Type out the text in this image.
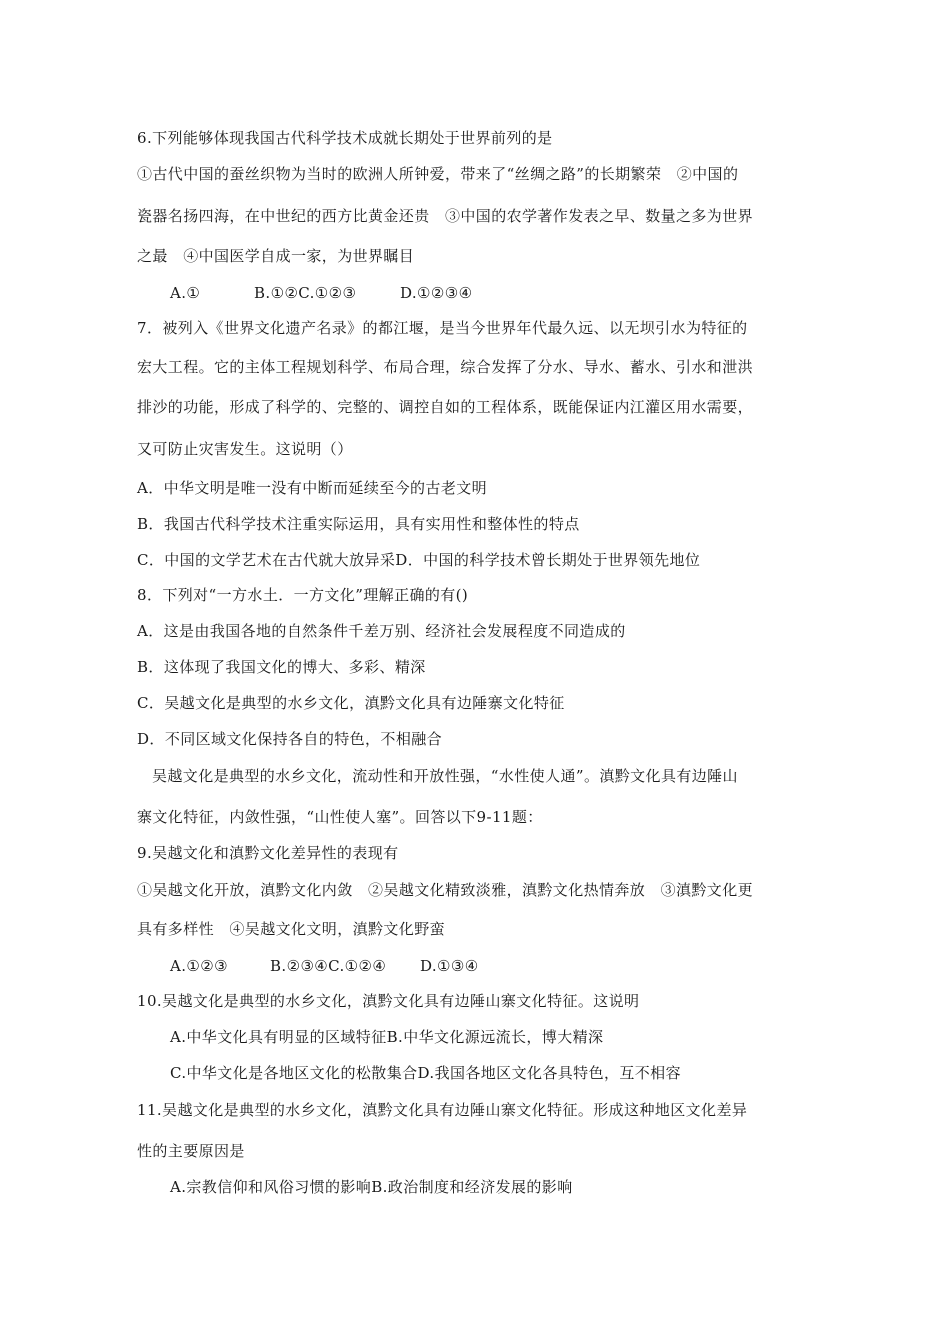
6.下列能够体现我国古代科学技术成就长期处于世界前列的是
①古代中国的蚕丝织物为当时的欧洲人所钟爱，带来了“丝绸之路”的长期繁荣　②中国的
瓷器名扬四海，在中世纪的西方比黄金还贵　③中国的农学著作发表之早、数量之多为世界
之最　④中国医学自成一家，为世界瞩目
A.①	B.①②C.①②③	D.①②③④
7．被列入《世界文化遗产名录》的都江堰，是当今世界年代最久远、以无坝引水为特征的
宏大工程。它的主体工程规划科学、布局合理，综合发挥了分水、导水、蓄水、引水和泄洪
排沙的功能，形成了科学的、完整的、调控自如的工程体系，既能保证内江灌区用水需要，
又可防止灾害发生。这说明（）
A．中华文明是唯一没有中断而延续至今的古老文明
B．我国古代科学技术注重实际运用，具有实用性和整体性的特点
C．中国的文学艺术在古代就大放异采D．中国的科学技术曾长期处于世界领先地位
8．下列对“一方水土．一方文化”理解正确的有()
A．这是由我国各地的自然条件千差万别、经济社会发展程度不同造成的
B．这体现了我国文化的博大、多彩、精深
C．吴越文化是典型的水乡文化，滇黔文化具有边陲寨文化特征
D．不同区域文化保持各自的特色，不相融合
吴越文化是典型的水乡文化，流动性和开放性强，“水性使人通”。滇黔文化具有边陲山
寨文化特征，内敛性强，“山性使人塞”。回答以下9-11题：
9.吴越文化和滇黔文化差异性的表现有
①吴越文化开放，滇黔文化内敛　②吴越文化精致淡雅，滇黔文化热情奔放　③滇黔文化更
具有多样性　④吴越文化文明，滇黔文化野蛮
A.①②③	B.②③④C.①②④ D.①③④
10.吴越文化是典型的水乡文化，滇黔文化具有边陲山寨文化特征。这说明
A.中华文化具有明显的区域特征B.中华文化源远流长，博大精深
C.中华文化是各地区文化的松散集合D.我国各地区文化各具特色，互不相容
11.吴越文化是典型的水乡文化，滇黔文化具有边陲山寨文化特征。形成这种地区文化差异
性的主要原因是
A.宗教信仰和风俗习惯的影响B.政治制度和经济发展的影响
